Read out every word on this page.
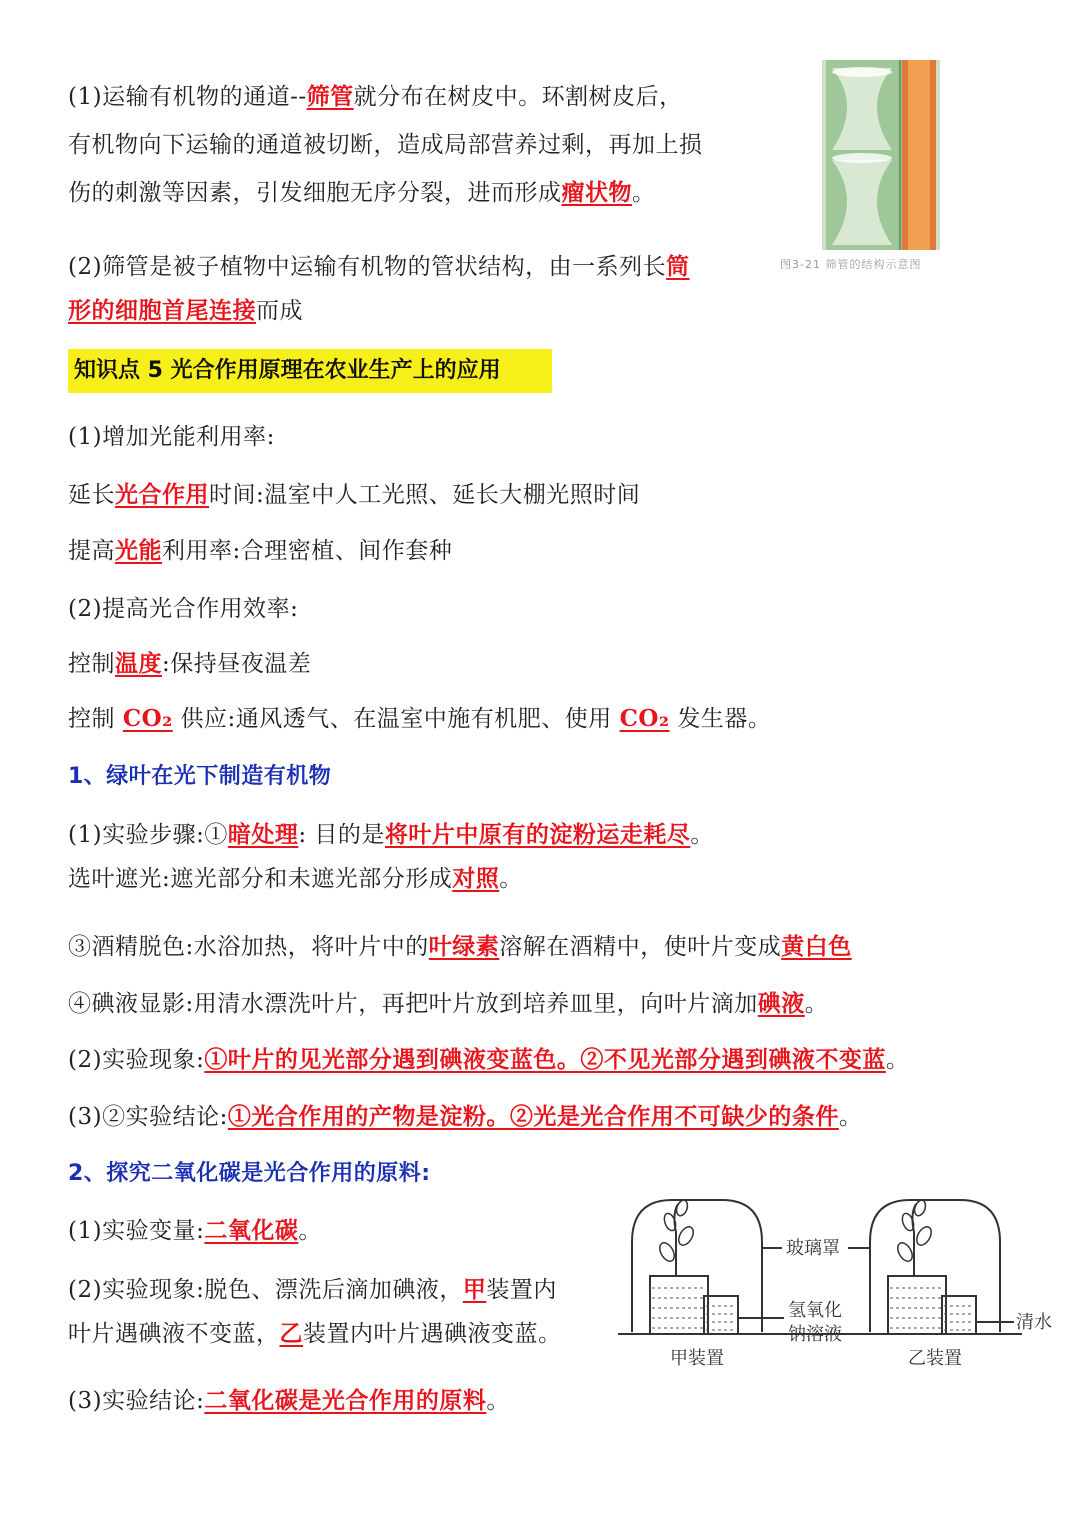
(1)运输有机物的通道--筛管就分布在树皮中。环割树皮后，
有机物向下运输的通道被切断，造成局部营养过剩，再加上损
伤的刺激等因素，引发细胞无序分裂，进而形成瘤状物。
(2)筛管是被子植物中运输有机物的管状结构，由一系列长筒
形的细胞首尾连接而成
图3-21 筛管的结构示意图
知识点 5 光合作用原理在农业生产上的应用
(1)增加光能利用率:
延长光合作用时间:温室中人工光照、延长大棚光照时间
提高光能利用率:合理密植、间作套种
(2)提高光合作用效率:
控制温度:保持昼夜温差
控制 CO₂ 供应:通风透气、在温室中施有机肥、使用 CO₂ 发生器。
1、绿叶在光下制造有机物
(1)实验步骤:①暗处理: 目的是将叶片中原有的淀粉运走耗尽。
选叶遮光:遮光部分和未遮光部分形成对照。
③酒精脱色:水浴加热，将叶片中的叶绿素溶解在酒精中，使叶片变成黄白色
④碘液显影:用清水漂洗叶片，再把叶片放到培养皿里，向叶片滴加碘液。
(2)实验现象:①叶片的见光部分遇到碘液变蓝色。②不见光部分遇到碘液不变蓝。
(3)②实验结论:①光合作用的产物是淀粉。②光是光合作用不可缺少的条件。
2、探究二氧化碳是光合作用的原料:
(1)实验变量:二氧化碳。
(2)实验现象:脱色、漂洗后滴加碘液，甲装置内
叶片遇碘液不变蓝，乙装置内叶片遇碘液变蓝。
(3)实验结论:二氧化碳是光合作用的原料。
玻璃罩
氢氧化
钠溶液
清水
甲装置	乙装置
